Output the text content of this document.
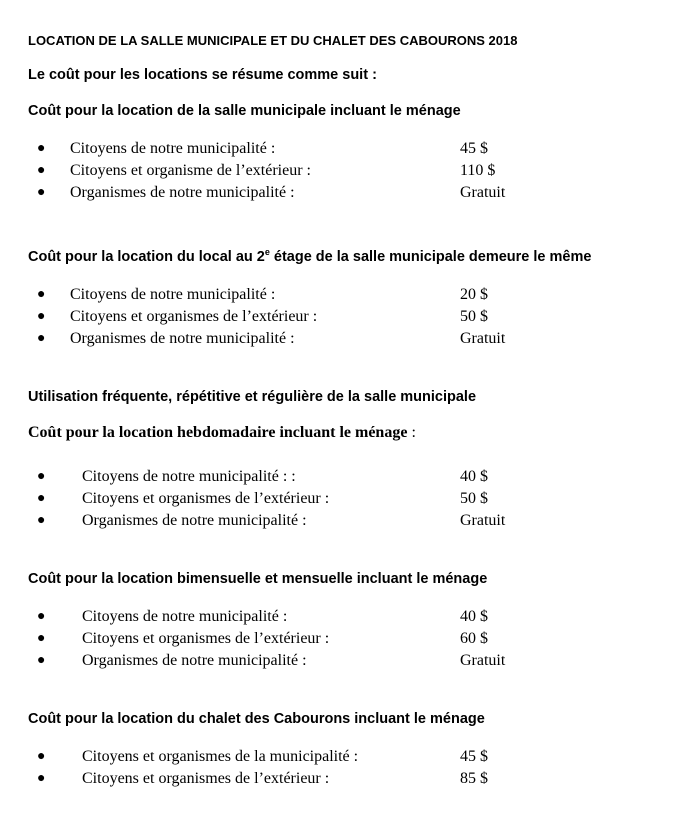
LOCATION DE LA SALLE MUNICIPALE ET DU CHALET DES CABOURONS 2018
Le coût pour les locations se résume comme suit :
Coût pour la location de la salle municipale incluant le ménage
● Citoyens de notre municipalité :	45 $
● Citoyens et organisme de l’extérieur :	110 $
● Organismes de notre municipalité :	Gratuit
Coût pour la location du local au 2e étage de la salle municipale demeure le même
● Citoyens de notre municipalité :	20 $
● Citoyens et organismes de l’extérieur :	50 $
● Organismes de notre municipalité :	Gratuit
Utilisation fréquente, répétitive et régulière de la salle municipale
Coût pour la location hebdomadaire incluant le ménage :
● Citoyens de notre municipalité : :	40 $
● Citoyens et organismes de l’extérieur :	50 $
● Organismes de notre municipalité :	Gratuit
Coût pour la location bimensuelle et mensuelle incluant le ménage
● Citoyens de notre municipalité :	40 $
● Citoyens et organismes de l’extérieur :	60 $
● Organismes de notre municipalité :	Gratuit
Coût pour la location du chalet des Cabourons incluant le ménage
● Citoyens et organismes de la municipalité :	45 $
● Citoyens et organismes de l’extérieur :	85 $
